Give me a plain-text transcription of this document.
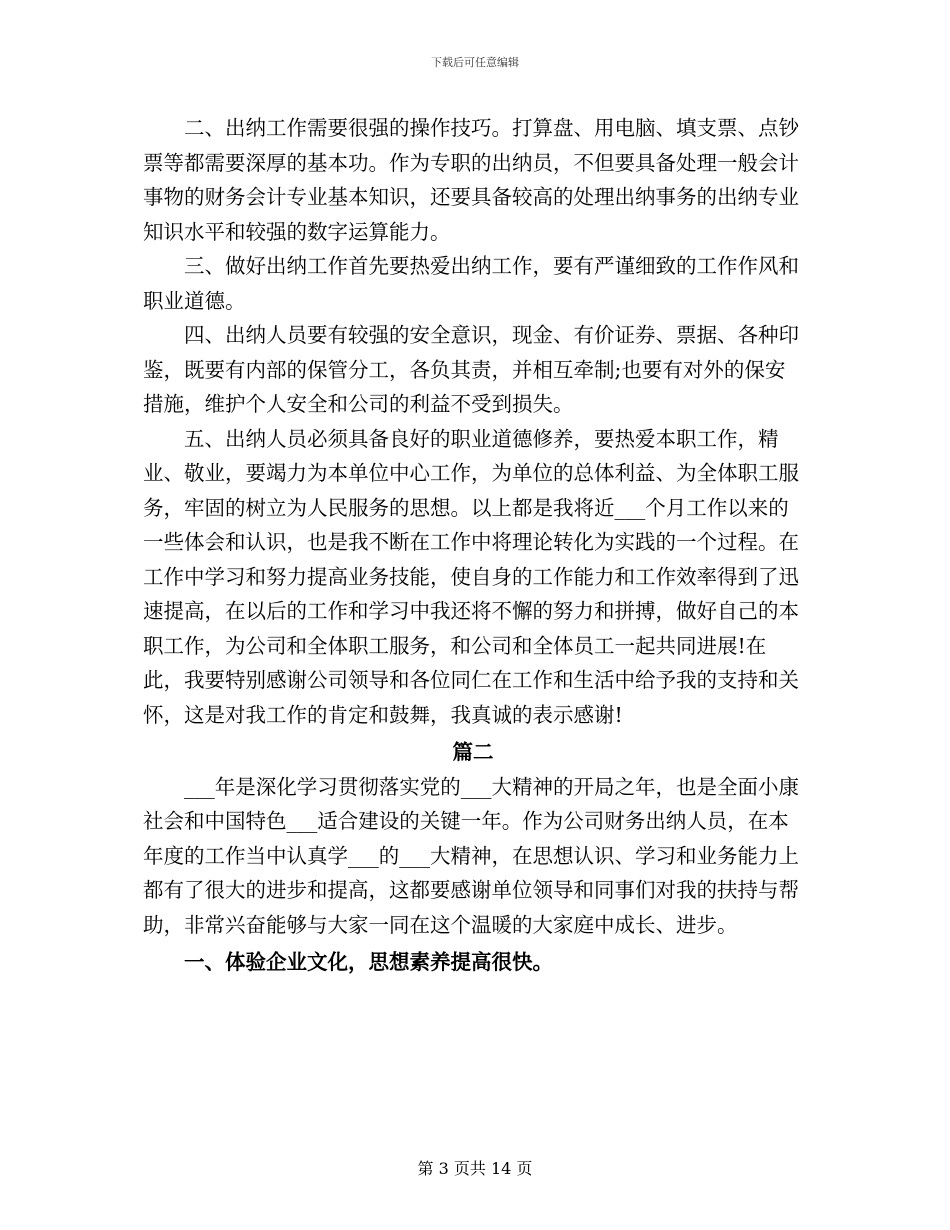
下载后可任意编辑

二、出纳工作需要很强的操作技巧。打算盘、用电脑、填支票、点钞票等都需要深厚的基本功。作为专职的出纳员，不但要具备处理一般会计事物的财务会计专业基本知识，还要具备较高的处理出纳事务的出纳专业知识水平和较强的数字运算能力。

三、做好出纳工作首先要热爱出纳工作，要有严谨细致的工作作风和职业道德。

四、出纳人员要有较强的安全意识，现金、有价证券、票据、各种印鉴，既要有内部的保管分工，各负其责，并相互牵制;也要有对外的保安措施，维护个人安全和公司的利益不受到损失。

五、出纳人员必须具备良好的职业道德修养，要热爱本职工作，精业、敬业，要竭力为本单位中心工作，为单位的总体利益、为全体职工服务，牢固的树立为人民服务的思想。以上都是我将近___个月工作以来的一些体会和认识，也是我不断在工作中将理论转化为实践的一个过程。在工作中学习和努力提高业务技能，使自身的工作能力和工作效率得到了迅速提高，在以后的工作和学习中我还将不懈的努力和拼搏，做好自己的本职工作，为公司和全体职工服务，和公司和全体员工一起共同进展!在此，我要特别感谢公司领导和各位同仁在工作和生活中给予我的支持和关怀，这是对我工作的肯定和鼓舞，我真诚的表示感谢!

篇二

___年是深化学习贯彻落实党的___大精神的开局之年，也是全面小康社会和中国特色___适合建设的关键一年。作为公司财务出纳人员，在本年度的工作当中认真学___的___大精神，在思想认识、学习和业务能力上都有了很大的进步和提高，这都要感谢单位领导和同事们对我的扶持与帮助，非常兴奋能够与大家一同在这个温暖的大家庭中成长、进步。

一、体验企业文化，思想素养提高很快。

第 3 页共 14 页
